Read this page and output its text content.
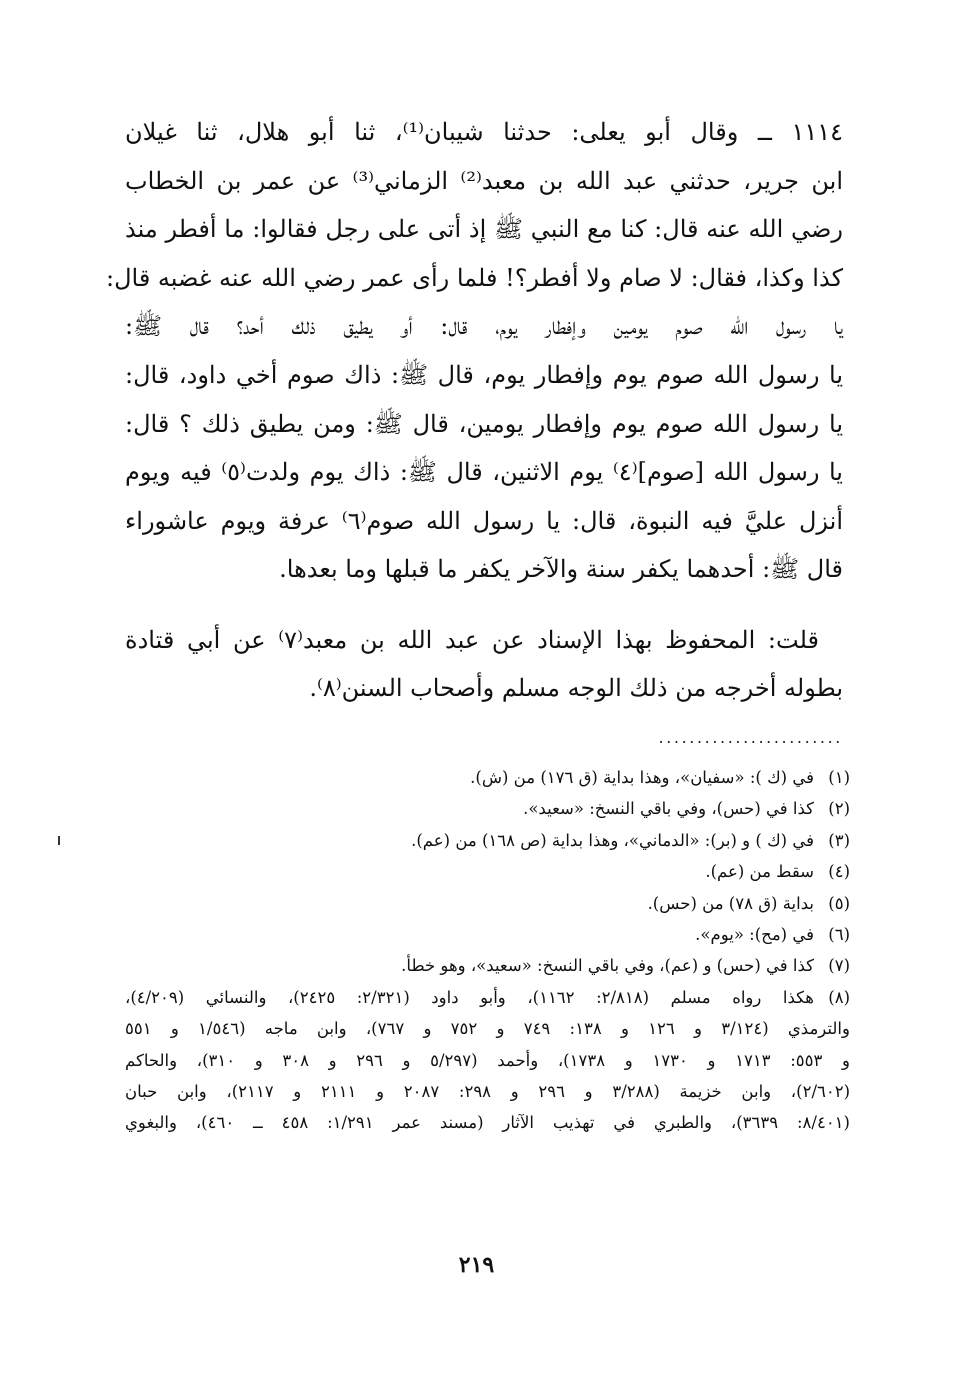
١١١٤ ــ وقال أبو يعلى: حدثنا شيبان⁽¹⁾، ثنا أبو هلال، ثنا غيلان
ابن جرير، حدثني عبد الله بن معبد⁽²⁾ الزماني⁽³⁾ عن عمر بن الخطاب
رضي الله عنه قال: كنا مع النبي ﷺ إذ أتى على رجل فقالوا: ما أفطر منذ
كذا وكذا، فقال: لا صام ولا أفطر؟! فلما رأى عمر رضي الله عنه غضبه قال:
يا رسول الله صوم يومين وإفطار يوم، قال: أو يطيق ذلك أحد؟ قال ﷺ:
يا رسول الله صوم يوم وإفطار يوم، قال ﷺ: ذاك صوم أخي داود، قال:
يا رسول الله صوم يوم وإفطار يومين، قال ﷺ: ومن يطيق ذلك ؟ قال:
يا رسول الله [صوم]⁽٤⁾ يوم الاثنين، قال ﷺ: ذاك يوم ولدت⁽٥⁾ فيه ويوم
أنزل عليَّ فيه النبوة، قال: يا رسول الله صوم⁽٦⁾ عرفة ويوم عاشوراء
قال ﷺ: أحدهما يكفر سنة والآخر يكفر ما قبلها وما بعدها.
قلت: المحفوظ بهذا الإسناد عن عبد الله بن معبد⁽٧⁾ عن أبي قتادة
بطوله أخرجه من ذلك الوجه مسلم وأصحاب السنن⁽٨⁾.
........................
(١)
في (ك ): «سفيان»، وهذا بداية (ق ١٧٦) من (ش).
(٢)
كذا في (حس)، وفي باقي النسخ: «سعيد».
(٣)
في (ك ) و (بر): «الدماني»، وهذا بداية (ص ١٦٨) من (عم).
(٤)
سقط من (عم).
(٥)
بداية (ق ٧٨) من (حس).
(٦)
في (مح): «يوم».
(٧)
كذا في (حس) و (عم)، وفي باقي النسخ: «سعيد»، وهو خطأ.
(٨)
هكذا رواه مسلم (٢/٨١٨: ١١٦٢)، وأبو داود (٢/٣٢١: ٢٤٢٥)، والنسائي (٤/٢٠٩)،
والترمذي (٣/١٢٤ و ١٢٦ و ١٣٨: ٧٤٩ و ٧٥٢ و ٧٦٧)، وابن ماجه (١/٥٤٦ و ٥٥١
و ٥٥٣: ١٧١٣ و ١٧٣٠ و ١٧٣٨)، وأحمد (٥/٢٩٧ و ٢٩٦ و ٣٠٨ و ٣١٠)، والحاكم
(٢/٦٠٢)، وابن خزيمة (٣/٢٨٨ و ٢٩٦ و ٢٩٨: ٢٠٨٧ و ٢١١١ و ٢١١٧)، وابن حبان
(٨/٤٠١: ٣٦٣٩)، والطبري في تهذيب الآثار (مسند عمر ١/٢٩١: ٤٥٨ ــ ٤٦٠)، والبغوي
٢١٩
